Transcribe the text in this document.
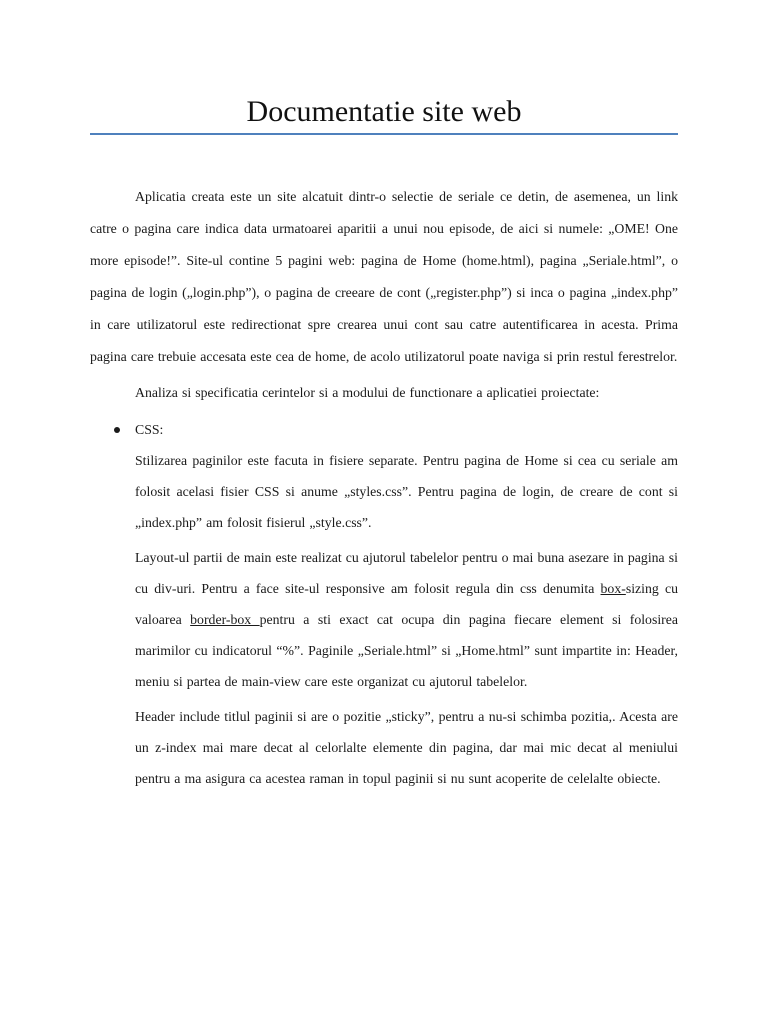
Documentatie site web

Aplicatia creata este un site alcatuit dintr-o selectie de seriale ce detin, de asemenea, un link catre o pagina care indica data urmatoarei aparitii a unui nou episode, de aici si numele: „OME! One more episode!”. Site-ul contine 5 pagini web: pagina de Home (home.html), pagina „Seriale.html”, o pagina de login („login.php”), o pagina de creeare de cont („register.php”) si inca o pagina „index.php” in care utilizatorul este redirectionat spre crearea unui cont sau catre autentificarea in acesta. Prima pagina care trebuie accesata este cea de home, de acolo utilizatorul poate naviga si prin restul ferestrelor.

Analiza si specificatia cerintelor si a modului de functionare a aplicatiei proiectate:

CSS:

Stilizarea paginilor este facuta in fisiere separate. Pentru pagina de Home si cea cu seriale am folosit acelasi fisier CSS si anume „styles.css”. Pentru pagina de login, de creare de cont si „index.php” am folosit fisierul „style.css”.

Layout-ul partii de main este realizat cu ajutorul tabelelor pentru o mai buna asezare in pagina si cu div-uri. Pentru a face site-ul responsive am folosit regula din css denumita box-sizing cu valoarea border-box pentru a sti exact cat ocupa din pagina fiecare element si folosirea marimilor cu indicatorul “%”. Paginile „Seriale.html” si „Home.html” sunt impartite in: Header, meniu si partea de main-view care este organizat cu ajutorul tabelelor.

Header include titlul paginii si are o pozitie „sticky”, pentru a nu-si schimba pozitia,. Acesta are un z-index mai mare decat al celorlalte elemente din pagina, dar mai mic decat al meniului pentru a ma asigura ca acestea raman in topul paginii si nu sunt acoperite de celelalte obiecte.
